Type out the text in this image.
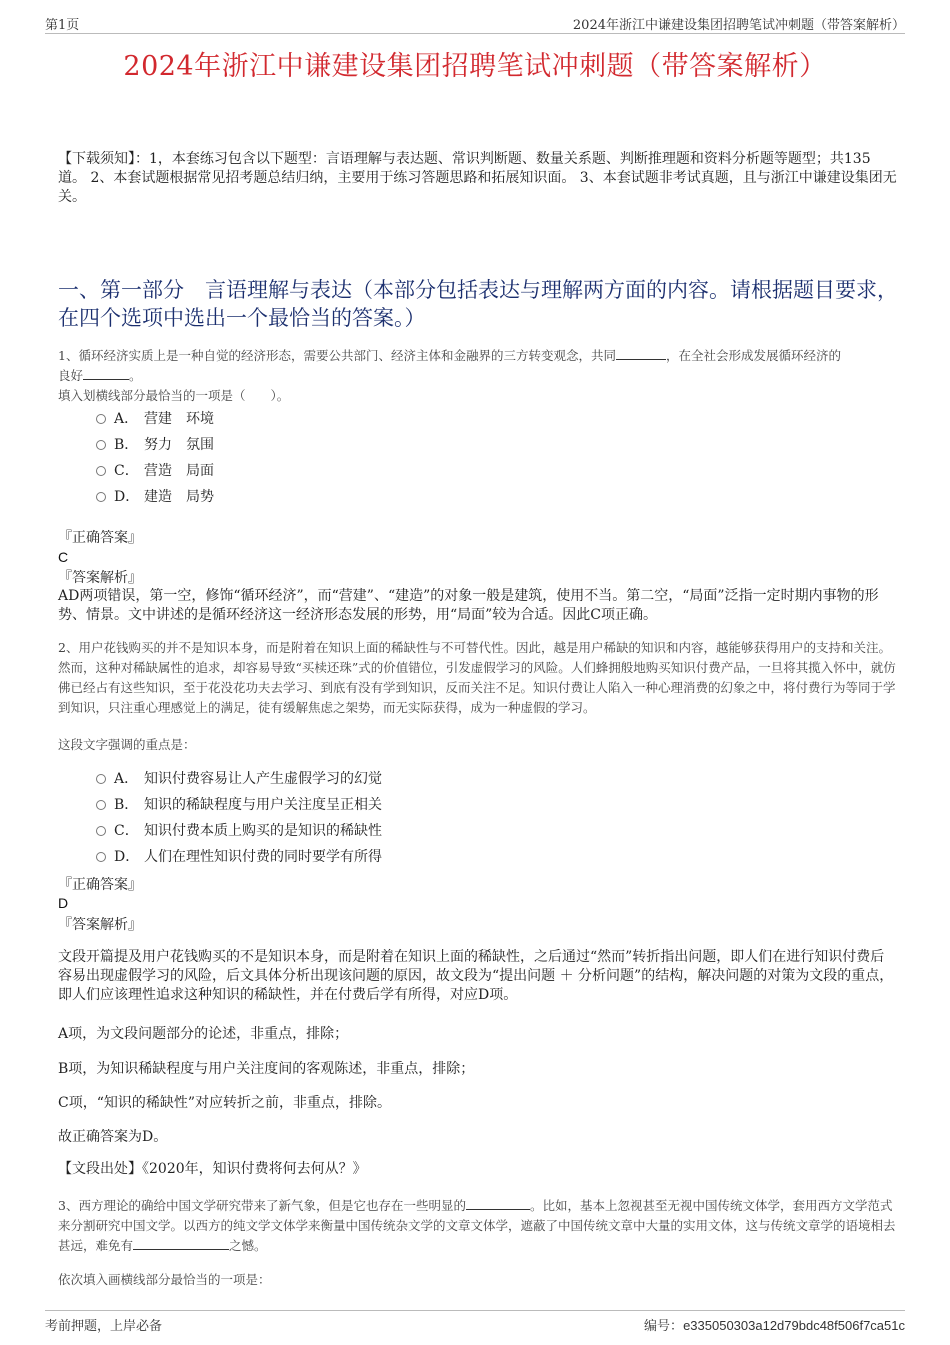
第1页	2024年浙江中谦建设集团招聘笔试冲刺题（带答案解析）
2024年浙江中谦建设集团招聘笔试冲刺题（带答案解析）
【下载须知】：1，本套练习包含以下题型：言语理解与表达题、常识判断题、数量关系题、判断推理题和资料分析题等题型；共135道。 2、本套试题根据常见招考题总结归纳，主要用于练习答题思路和拓展知识面。 3、本套试题非考试真题，且与浙江中谦建设集团无关。
一、第一部分　言语理解与表达（本部分包括表达与理解两方面的内容。请根据题目要求，在四个选项中选出一个最恰当的答案。）
1、循环经济实质上是一种自觉的经济形态，需要公共部门、经济主体和金融界的三方转变观念，共同	，在全社会形成发展循环经济的
良好	。
填入划横线部分最恰当的一项是（　　）。
A． 营建　环境
B． 努力　氛围
C． 营造　局面
D． 建造　局势
『正确答案』
C
『答案解析』
AD两项错误，第一空，修饰“循环经济”，而“营建”、“建造”的对象一般是建筑，使用不当。第二空，“局面”泛指一定时期内事物的形势、情景。文中讲述的是循环经济这一经济形态发展的形势，用“局面”较为合适。因此C项正确。
2、用户花钱购买的并不是知识本身，而是附着在知识上面的稀缺性与不可替代性。因此，越是用户稀缺的知识和内容，越能够获得用户的支持和关注。然而，这种对稀缺属性的追求，却容易导致“买椟还珠”式的价值错位，引发虚假学习的风险。人们蜂拥般地购买知识付费产品，一旦将其揽入怀中，就仿佛已经占有这些知识，至于花没花功夫去学习、到底有没有学到知识，反而关注不足。知识付费让人陷入一种心理消费的幻象之中，将付费行为等同于学到知识，只注重心理感觉上的满足，徒有缓解焦虑之架势，而无实际获得，成为一种虚假的学习。
这段文字强调的重点是：
A． 知识付费容易让人产生虚假学习的幻觉
B． 知识的稀缺程度与用户关注度呈正相关
C． 知识付费本质上购买的是知识的稀缺性
D． 人们在理性知识付费的同时要学有所得
『正确答案』
D
『答案解析』
文段开篇提及用户花钱购买的不是知识本身，而是附着在知识上面的稀缺性，之后通过“然而”转折指出问题，即人们在进行知识付费后容易出现虚假学习的风险，后文具体分析出现该问题的原因，故文段为“提出问题 ＋ 分析问题”的结构，解决问题的对策为文段的重点，即人们应该理性追求这种知识的稀缺性，并在付费后学有所得，对应D项。
A项，为文段问题部分的论述，非重点，排除；
B项，为知识稀缺程度与用户关注度间的客观陈述，非重点，排除；
C项，“知识的稀缺性”对应转折之前，非重点，排除。
故正确答案为D。
【文段出处】《2020年，知识付费将何去何从？》
3、西方理论的确给中国文学研究带来了新气象，但是它也存在一些明显的	。比如，基本上忽视甚至无视中国传统文体学，套用西方文学范式来分割研究中国文学。以西方的纯文学文体学来衡量中国传统杂文学的文章文体学，遮蔽了中国传统文章中大量的实用文体，这与传统文章学的语境相去甚远，难免有	之憾。
依次填入画横线部分最恰当的一项是：
考前押题，上岸必备	编号：e335050303a12d79bdc48f506f7ca51c
